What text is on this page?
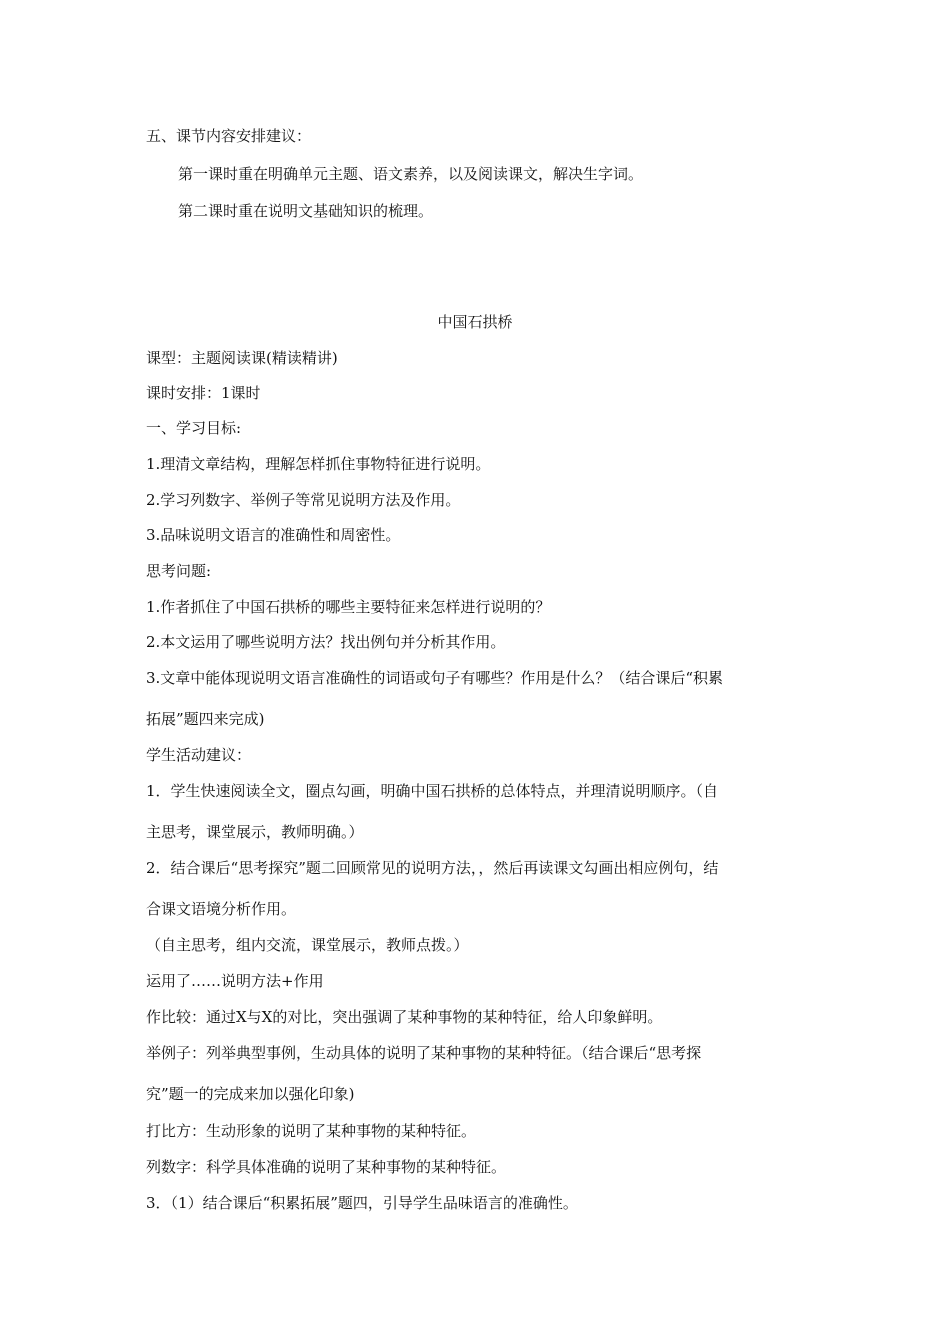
五、课节内容安排建议：
第一课时重在明确单元主题、语文素养，以及阅读课文，解决生字词。
第二课时重在说明文基础知识的梳理。
中国石拱桥
课型：主题阅读课(精读精讲)
课时安排：1课时
一、学习目标:
1.理清文章结构，理解怎样抓住事物特征进行说明。
2.学习列数字、举例子等常见说明方法及作用。
3.品味说明文语言的准确性和周密性。
思考问题:
1.作者抓住了中国石拱桥的哪些主要特征来怎样进行说明的？
2.本文运用了哪些说明方法？找出例句并分析其作用。
3.文章中能体现说明文语言准确性的词语或句子有哪些？作用是什么？（结合课后“积累
拓展”题四来完成)
学生活动建议：
1．学生快速阅读全文，圈点勾画，明确中国石拱桥的总体特点，并理清说明顺序。（自
主思考，课堂展示，教师明确。）
2．结合课后“思考探究”题二回顾常见的说明方法，，然后再读课文勾画出相应例句，结
合课文语境分析作用。
（自主思考，组内交流，课堂展示，教师点拨。）
运用了……说明方法+作用
作比较：通过X与X的对比，突出强调了某种事物的某种特征，给人印象鲜明。
举例子：列举典型事例，生动具体的说明了某种事物的某种特征。（结合课后“思考探
究”题一的完成来加以强化印象)
打比方：生动形象的说明了某种事物的某种特征。
列数字：科学具体准确的说明了某种事物的某种特征。
3．（1）结合课后“积累拓展”题四，引导学生品味语言的准确性。
